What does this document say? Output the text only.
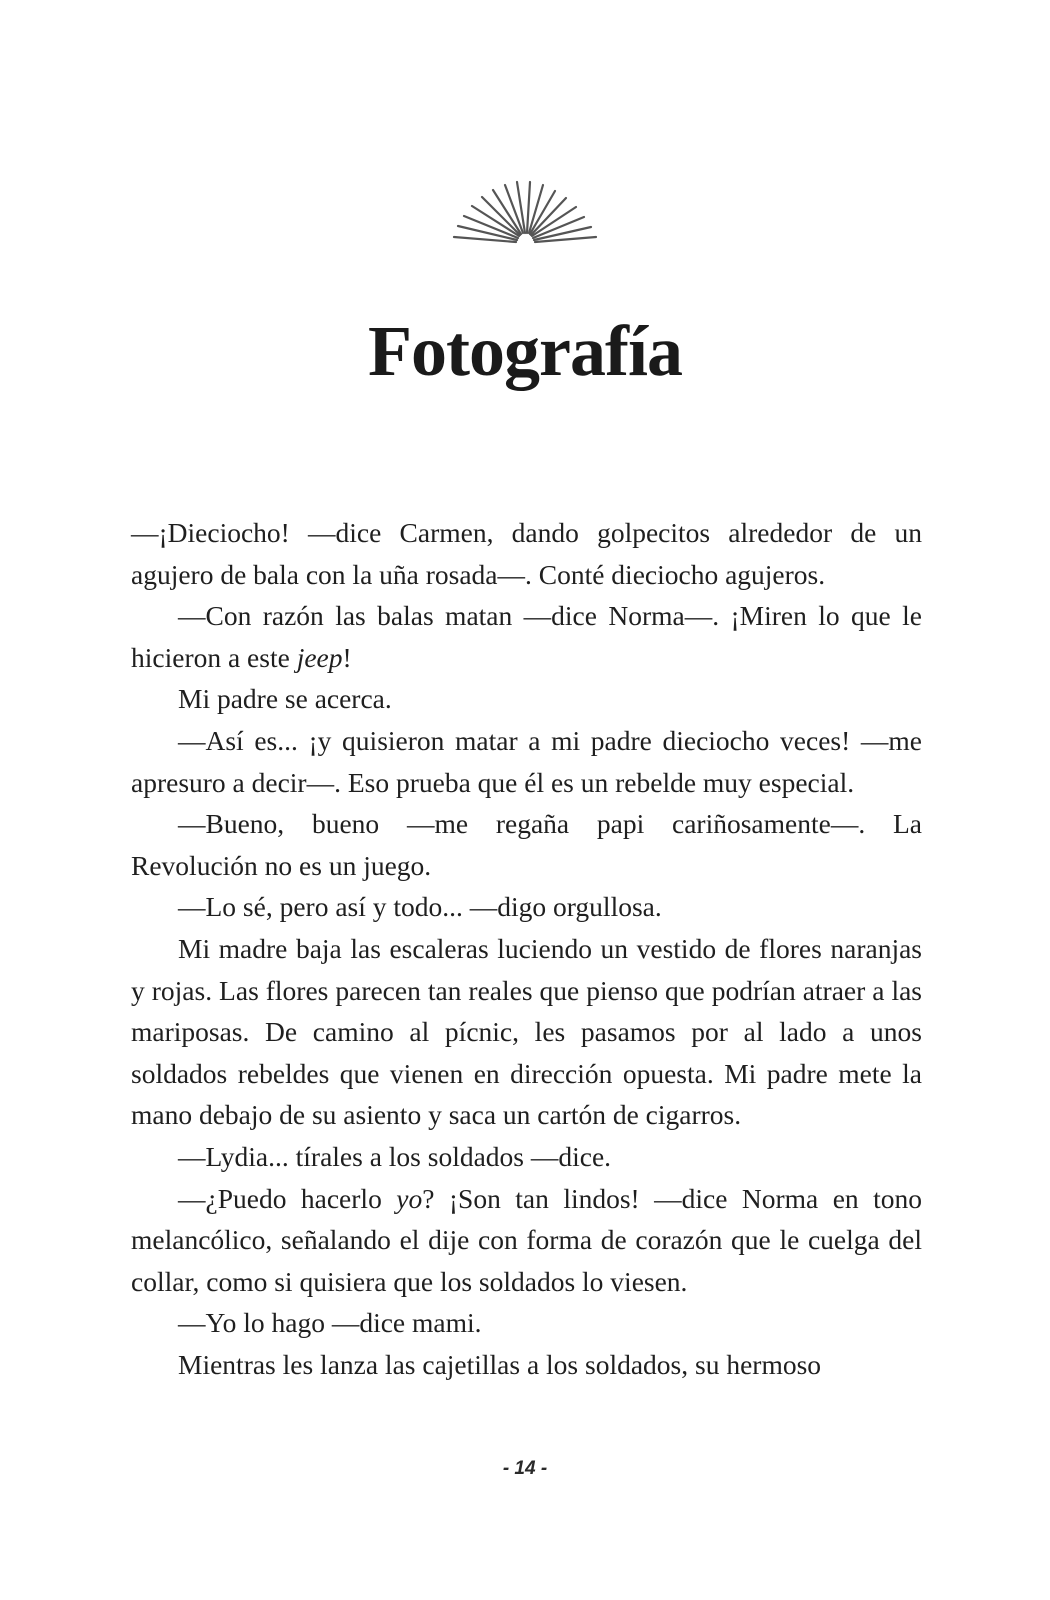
Fotografía

—¡Dieciocho! —dice Carmen, dando golpecitos alrededor de un agujero de bala con la uña rosada—. Conté dieciocho agujeros.

—Con razón las balas matan —dice Norma—. ¡Miren lo que le hicieron a este jeep!

Mi padre se acerca.

—Así es... ¡y quisieron matar a mi padre dieciocho veces! —me apresuro a decir—. Eso prueba que él es un rebelde muy especial.

—Bueno, bueno —me regaña papi cariñosamente—. La Revolución no es un juego.

—Lo sé, pero así y todo... —digo orgullosa.

Mi madre baja las escaleras luciendo un vestido de flores naranjas y rojas. Las flores parecen tan reales que pienso que podrían atraer a las mariposas. De camino al pícnic, les pasamos por al lado a unos soldados rebeldes que vienen en dirección opuesta. Mi padre mete la mano debajo de su asiento y saca un cartón de cigarros.

—Lydia... tírales a los soldados —dice.

—¿Puedo hacerlo yo? ¡Son tan lindos! —dice Norma en tono melancólico, señalando el dije con forma de corazón que le cuelga del collar, como si quisiera que los soldados lo viesen.

—Yo lo hago —dice mami.

Mientras les lanza las cajetillas a los soldados, su hermoso

- 14 -
